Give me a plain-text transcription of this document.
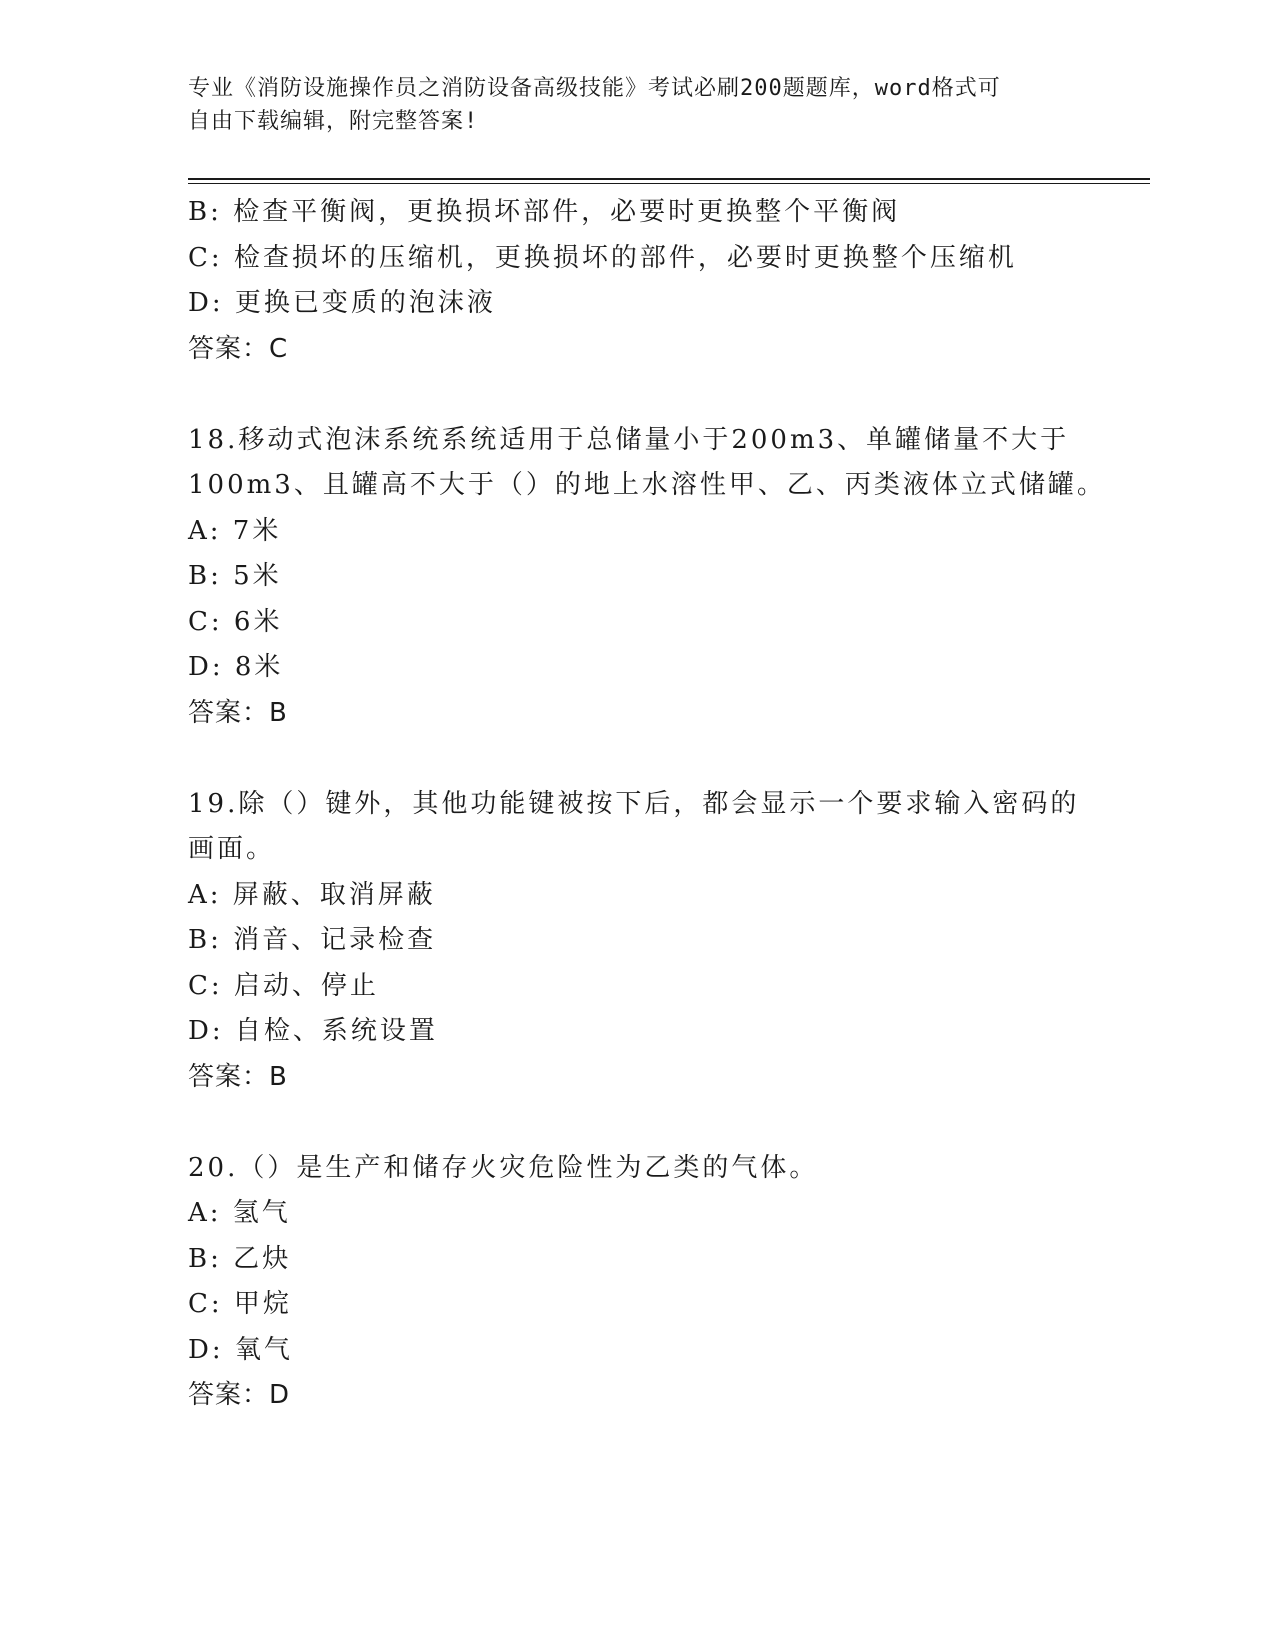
专业《消防设施操作员之消防设备高级技能》考试必刷200题题库，word格式可
自由下载编辑，附完整答案!
B: 检查平衡阀，更换损坏部件，必要时更换整个平衡阀
C: 检查损坏的压缩机，更换损坏的部件，必要时更换整个压缩机
D: 更换已变质的泡沫液
答案：C
18.移动式泡沫系统系统适用于总储量小于200m3、单罐储量不大于
100m3、且罐高不大于（）的地上水溶性甲、乙、丙类液体立式储罐。
A: 7米
B: 5米
C: 6米
D: 8米
答案：B
19.除（）键外，其他功能键被按下后，都会显示一个要求输入密码的
画面。
A: 屏蔽、取消屏蔽
B: 消音、记录检查
C: 启动、停止
D: 自检、系统设置
答案：B
20.（）是生产和储存火灾危险性为乙类的气体。
A: 氢气
B: 乙炔
C: 甲烷
D: 氧气
答案：D
